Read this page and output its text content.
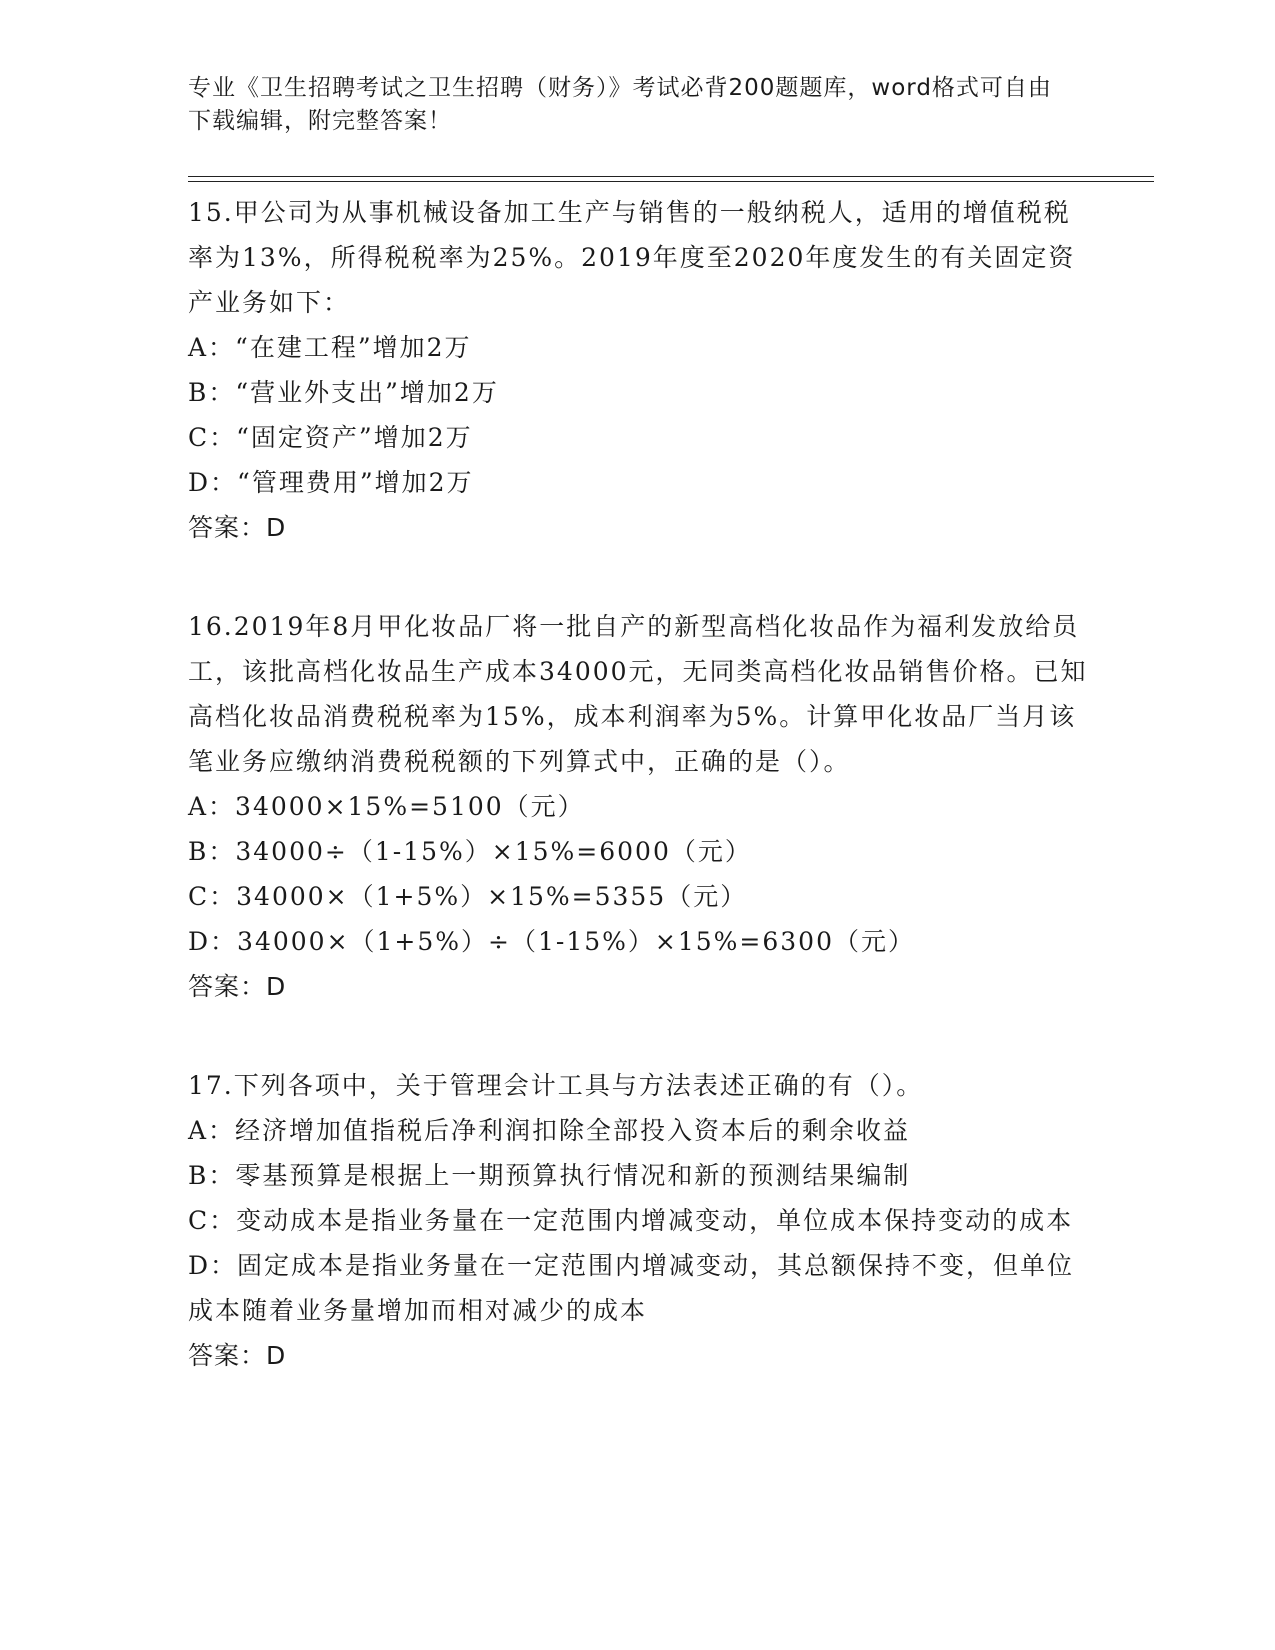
专业《卫生招聘考试之卫生招聘（财务）》考试必背200题题库，word格式可自由下载编辑，附完整答案！

15.甲公司为从事机械设备加工生产与销售的一般纳税人，适用的增值税税率为13%，所得税税率为25%。2019年度至2020年度发生的有关固定资产业务如下：

A：“在建工程”增加2万

B：“营业外支出”增加2万

C：“固定资产”增加2万

D：“管理费用”增加2万

答案：D

16.2019年8月甲化妆品厂将一批自产的新型高档化妆品作为福利发放给员工，该批高档化妆品生产成本34000元，无同类高档化妆品销售价格。已知高档化妆品消费税税率为15%，成本利润率为5%。计算甲化妆品厂当月该笔业务应缴纳消费税税额的下列算式中，正确的是（）。

A：34000×15%=5100（元）

B：34000÷（1-15%）×15%=6000（元）

C：34000×（1+5%）×15%=5355（元）

D：34000×（1+5%）÷（1-15%）×15%=6300（元）

答案：D

17.下列各项中，关于管理会计工具与方法表述正确的有（）。

A：经济增加值指税后净利润扣除全部投入资本后的剩余收益

B：零基预算是根据上一期预算执行情况和新的预测结果编制

C：变动成本是指业务量在一定范围内增减变动，单位成本保持变动的成本

D：固定成本是指业务量在一定范围内增减变动，其总额保持不变，但单位成本随着业务量增加而相对减少的成本

答案：D
